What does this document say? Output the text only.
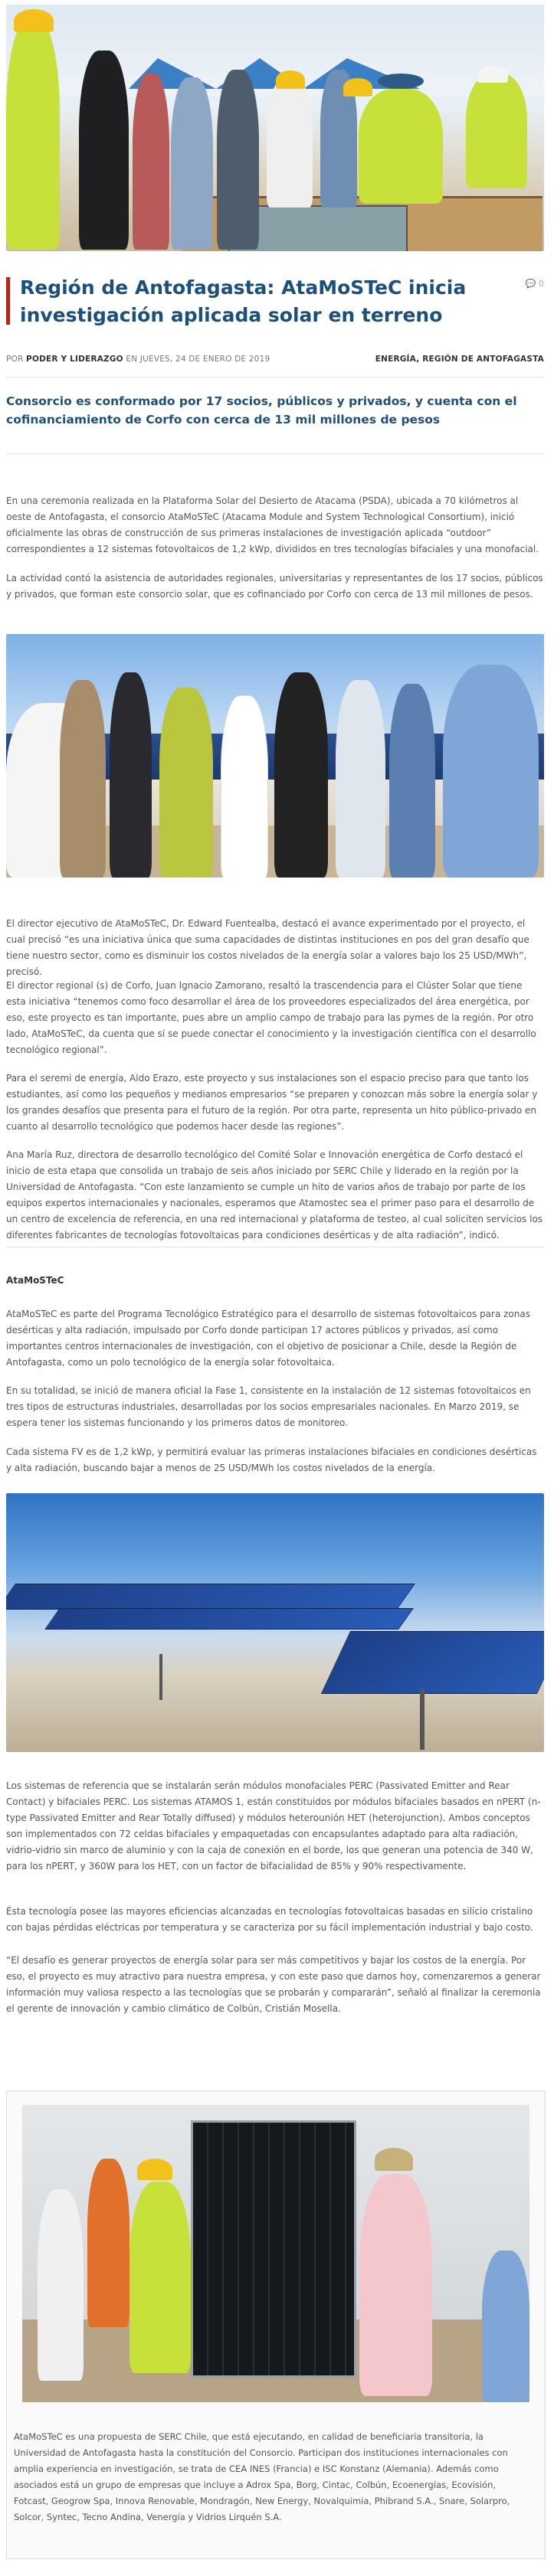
Región de Antofagasta: AtaMoSTeC inicia investigación aplicada solar en terreno
💬 0
POR PODER Y LIDERAZGO EN JUEVES, 24 DE ENERO DE 2019	ENERGÍA, REGIÓN DE ANTOFAGASTA

Consorcio es conformado por 17 socios, públicos y privados, y cuenta con el cofinanciamiento de Corfo con cerca de 13 mil millones de pesos

En una ceremonia realizada en la Plataforma Solar del Desierto de Atacama (PSDA), ubicada a 70 kilómetros al oeste de Antofagasta, el consorcio AtaMoSTeC (Atacama Module and System Technological Consortium), inició oficialmente las obras de construcción de sus primeras instalaciones de investigación aplicada “outdoor” correspondientes a 12 sistemas fotovoltaicos de 1,2 kWp, divididos en tres tecnologías bifaciales y una monofacial.

La actividad contó la asistencia de autoridades regionales, universitarias y representantes de los 17 socios, públicos y privados, que forman este consorcio solar, que es cofinanciado por Corfo con cerca de 13 mil millones de pesos.

El director ejecutivo de AtaMoSTeC, Dr. Edward Fuentealba, destacó el avance experimentado por el proyecto, el cual precisó “es una iniciativa única que suma capacidades de distintas instituciones en pos del gran desafío que tiene nuestro sector, como es disminuir los costos nivelados de la energía solar a valores bajo los 25 USD/MWh”, precisó.

El director regional (s) de Corfo, Juan Ignacio Zamorano, resaltó la trascendencia para el Clúster Solar que tiene esta iniciativa “tenemos como foco desarrollar el área de los proveedores especializados del área energética, por eso, este proyecto es tan importante, pues abre un amplio campo de trabajo para las pymes de la región. Por otro lado, AtaMoSTeC, da cuenta que sí se puede conectar el conocimiento y la investigación científica con el desarrollo tecnológico regional”.

Para el seremi de energía, Aldo Erazo, este proyecto y sus instalaciones son el espacio preciso para que tanto los estudiantes, así como los pequeños y medianos empresarios “se preparen y conozcan más sobre la energía solar y los grandes desafíos que presenta para el futuro de la región. Por otra parte, representa un hito público-privado en cuanto al desarrollo tecnológico que podemos hacer desde las regiones”.

Ana María Ruz, directora de desarrollo tecnológico del Comité Solar e Innovación energética de Corfo destacó el inicio de esta etapa que consolida un trabajo de seis años iniciado por SERC Chile y liderado en la región por la Universidad de Antofagasta. “Con este lanzamiento se cumple un hito de varios años de trabajo por parte de los equipos expertos internacionales y nacionales, esperamos que Atamostec sea el primer paso para el desarrollo de un centro de excelencia de referencia, en una red internacional y plataforma de testeo, al cual soliciten servicios los diferentes fabricantes de tecnologías fotovoltaicas para condiciones desérticas y de alta radiación”, indicó.

AtaMoSTeC

AtaMoSTeC es parte del Programa Tecnológico Estratégico para el desarrollo de sistemas fotovoltaicos para zonas desérticas y alta radiación, impulsado por Corfo donde participan 17 actores públicos y privados, así como importantes centros internacionales de investigación, con el objetivo de posicionar a Chile, desde la Región de Antofagasta, como un polo tecnológico de la energía solar fotovoltaica.

En su totalidad, se inició de manera oficial la Fase 1, consistente en la instalación de 12 sistemas fotovoltaicos en tres tipos de estructuras industriales, desarrolladas por los socios empresariales nacionales. En Marzo 2019, se espera tener los sistemas funcionando y los primeros datos de monitoreo.

Cada sistema FV es de 1,2 kWp, y permitirá evaluar las primeras instalaciones bifaciales en condiciones desérticas y alta radiación, buscando bajar a menos de 25 USD/MWh los costos nivelados de la energía.

Los sistemas de referencia que se instalarán serán módulos monofaciales PERC (Passivated Emitter and Rear Contact) y bifaciales PERC. Los sistemas ATAMOS 1, están constituidos por módulos bifaciales basados en nPERT (n-type Passivated Emitter and Rear Totally diffused) y módulos heterounión HET (heterojunction). Ambos conceptos son implementados con 72 celdas bifaciales y empaquetadas con encapsulantes adaptado para alta radiación, vidrio-vidrio sin marco de aluminio y con la caja de conexión en el borde, los que generan una potencia de 340 W, para los nPERT, y 360W para los HET, con un factor de bifacialidad de 85% y 90% respectivamente.

Ésta tecnología posee las mayores eficiencias alcanzadas en tecnologías fotovoltaicas basadas en silicio cristalino con bajas pérdidas eléctricas por temperatura y se caracteriza por su fácil implementación industrial y bajo costo.

“El desafío es generar proyectos de energía solar para ser más competitivos y bajar los costos de la energía. Por eso, el proyecto es muy atractivo para nuestra empresa, y con este paso que damos hoy, comenzaremos a generar información muy valiosa respecto a las tecnologías que se probarán y compararán”, señaló al finalizar la ceremonia el gerente de innovación y cambio climático de Colbún, Cristián Mosella.

AtaMoSTeC es una propuesta de SERC Chile, que está ejecutando, en calidad de beneficiaria transitoria, la Universidad de Antofagasta hasta la constitución del Consorcio. Participan dos instituciones internacionales con amplia experiencia en investigación, se trata de CEA INES (Francia) e ISC Konstanz (Alemania). Además como asociados está un grupo de empresas que incluye a Adrox Spa, Borg, Cintac, Colbún, Ecoenergías, Ecovisión, Fotcast, Geogrow Spa, Innova Renovable, Mondragón, New Energy, Novalquimia, Phibrand S.A., Snare, Solarpro, Solcor, Syntec, Tecno Andina, Venergía y Vidrios Lirquén S.A.
